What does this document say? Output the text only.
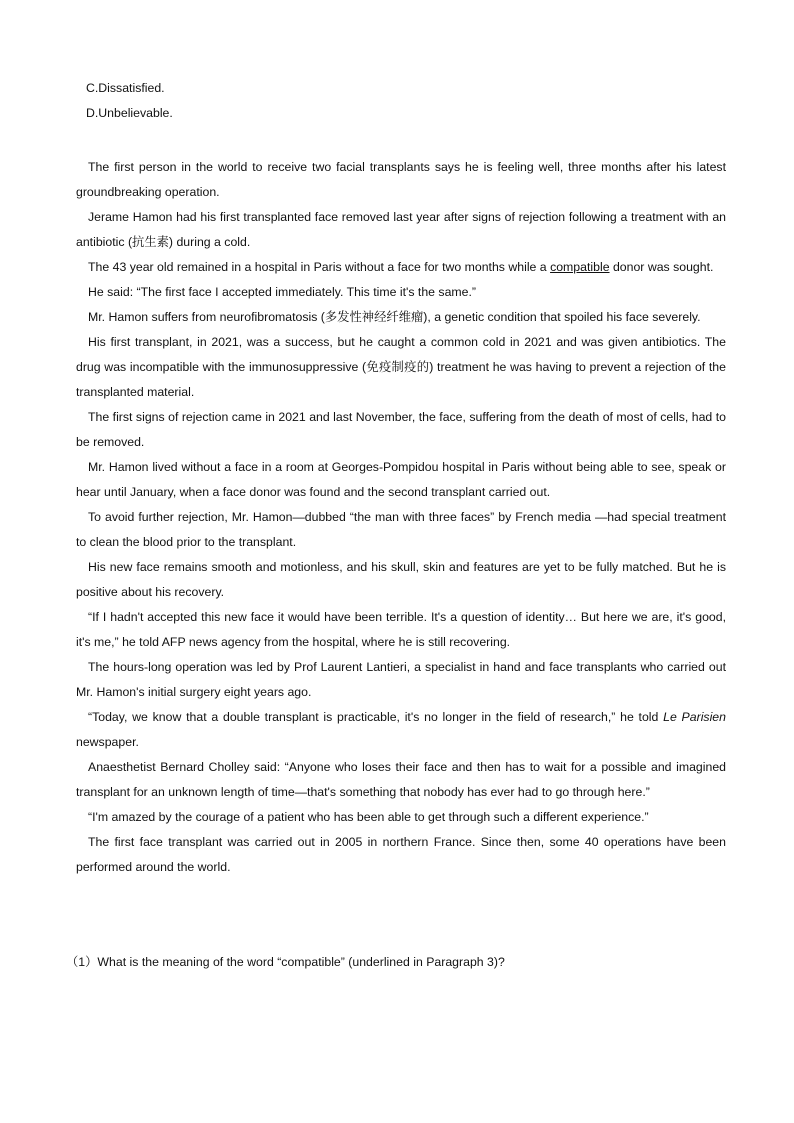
C.Dissatisfied.
D.Unbelievable.

The first person in the world to receive two facial transplants says he is feeling well, three months after his latest groundbreaking operation.

Jerame Hamon had his first transplanted face removed last year after signs of rejection following a treatment with an antibiotic (抗生素) during a cold.

The 43 year old remained in a hospital in Paris without a face for two months while a compatible donor was sought.

He said: “The first face I accepted immediately. This time it's the same.”

Mr. Hamon suffers from neurofibromatosis (多发性神经纤维瘤), a genetic condition that spoiled his face severely.

His first transplant, in 2021, was a success, but he caught a common cold in 2021 and was given antibiotics. The drug was incompatible with the immunosuppressive (免疫制疫的) treatment he was having to prevent a rejection of the transplanted material.

The first signs of rejection came in 2021 and last November, the face, suffering from the death of most of cells, had to be removed.

Mr. Hamon lived without a face in a room at Georges-Pompidou hospital in Paris without being able to see, speak or hear until January, when a face donor was found and the second transplant carried out.

To avoid further rejection, Mr. Hamon—dubbed “the man with three faces” by French media —had special treatment to clean the blood prior to the transplant.

His new face remains smooth and motionless, and his skull, skin and features are yet to be fully matched. But he is positive about his recovery.

“If I hadn't accepted this new face it would have been terrible. It's a question of identity… But here we are, it's good, it's me,” he told AFP news agency from the hospital, where he is still recovering.

The hours-long operation was led by Prof Laurent Lantieri, a specialist in hand and face transplants who carried out Mr. Hamon's initial surgery eight years ago.

“Today, we know that a double transplant is practicable, it's no longer in the field of research,” he told Le Parisien newspaper.

Anaesthetist Bernard Cholley said: “Anyone who loses their face and then has to wait for a possible and imagined transplant for an unknown length of time—that's something that nobody has ever had to go through here.”

“I'm amazed by the courage of a patient who has been able to get through such a different experience.”

The first face transplant was carried out in 2005 in northern France. Since then, some 40 operations have been performed around the world.

（1）What is the meaning of the word “compatible” (underlined in Paragraph 3)?
